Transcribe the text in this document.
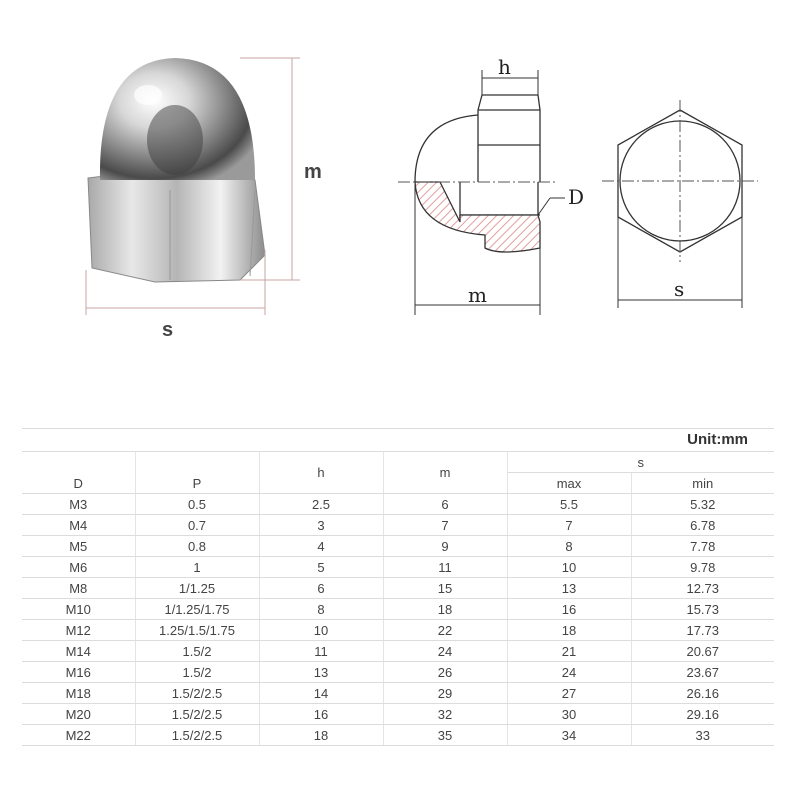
m
s
h
D
m	s
Unit:mm
D	P	h	m	s	
				max	min
M3	0.5	2.5	6	5.5	5.32
M4	0.7	3	7	7	6.78
M5	0.8	4	9	8	7.78
M6	1	5	11	10	9.78
M8	1/1.25	6	15	13	12.73
M10	1/1.25/1.75	8	18	16	15.73
M12	1.25/1.5/1.75	10	22	18	17.73
M14	1.5/2	11	24	21	20.67
M16	1.5/2	13	26	24	23.67
M18	1.5/2/2.5	14	29	27	26.16
M20	1.5/2/2.5	16	32	30	29.16
M22	1.5/2/2.5	18	35	34	33
